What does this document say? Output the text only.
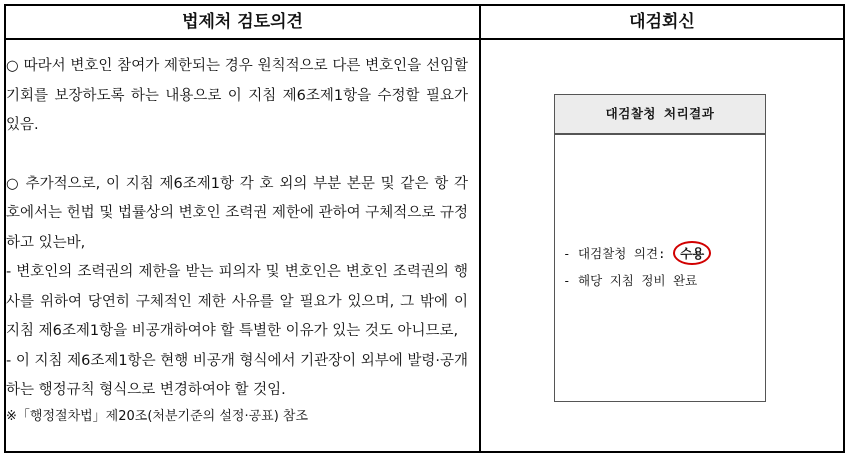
법제처 검토의견	대검회신

○ 따라서 변호인 참여가 제한되는 경우 원칙적으로 다른 변호인을 선임할 기회를 보장하도록 하는 내용으로 이 지침 제6조제1항을 수정할 필요가 있음.

○ 추가적으로, 이 지침 제6조제1항 각 호 외의 부분 본문 및 같은 항 각 호에서는 헌법 및 법률상의 변호인 조력권 제한에 관하여 구체적으로 규정하고 있는바,

- 변호인의 조력권의 제한을 받는 피의자 및 변호인은 변호인 조력권의 행사를 위하여 당연히 구체적인 제한 사유를 알 필요가 있으며, 그 밖에 이 지침 제6조제1항을 비공개하여야 할 특별한 이유가 있는 것도 아니므로,

- 이 지침 제6조제1항은 현행 비공개 형식에서 기관장이 외부에 발령·공개하는 행정규칙 형식으로 변경하여야 할 것임.

※「행정절차법」제20조(처분기준의 설정·공표) 참조

대검찰청 처리결과
- 대검찰청 의견: 수용
- 해당 지침 정비 완료
